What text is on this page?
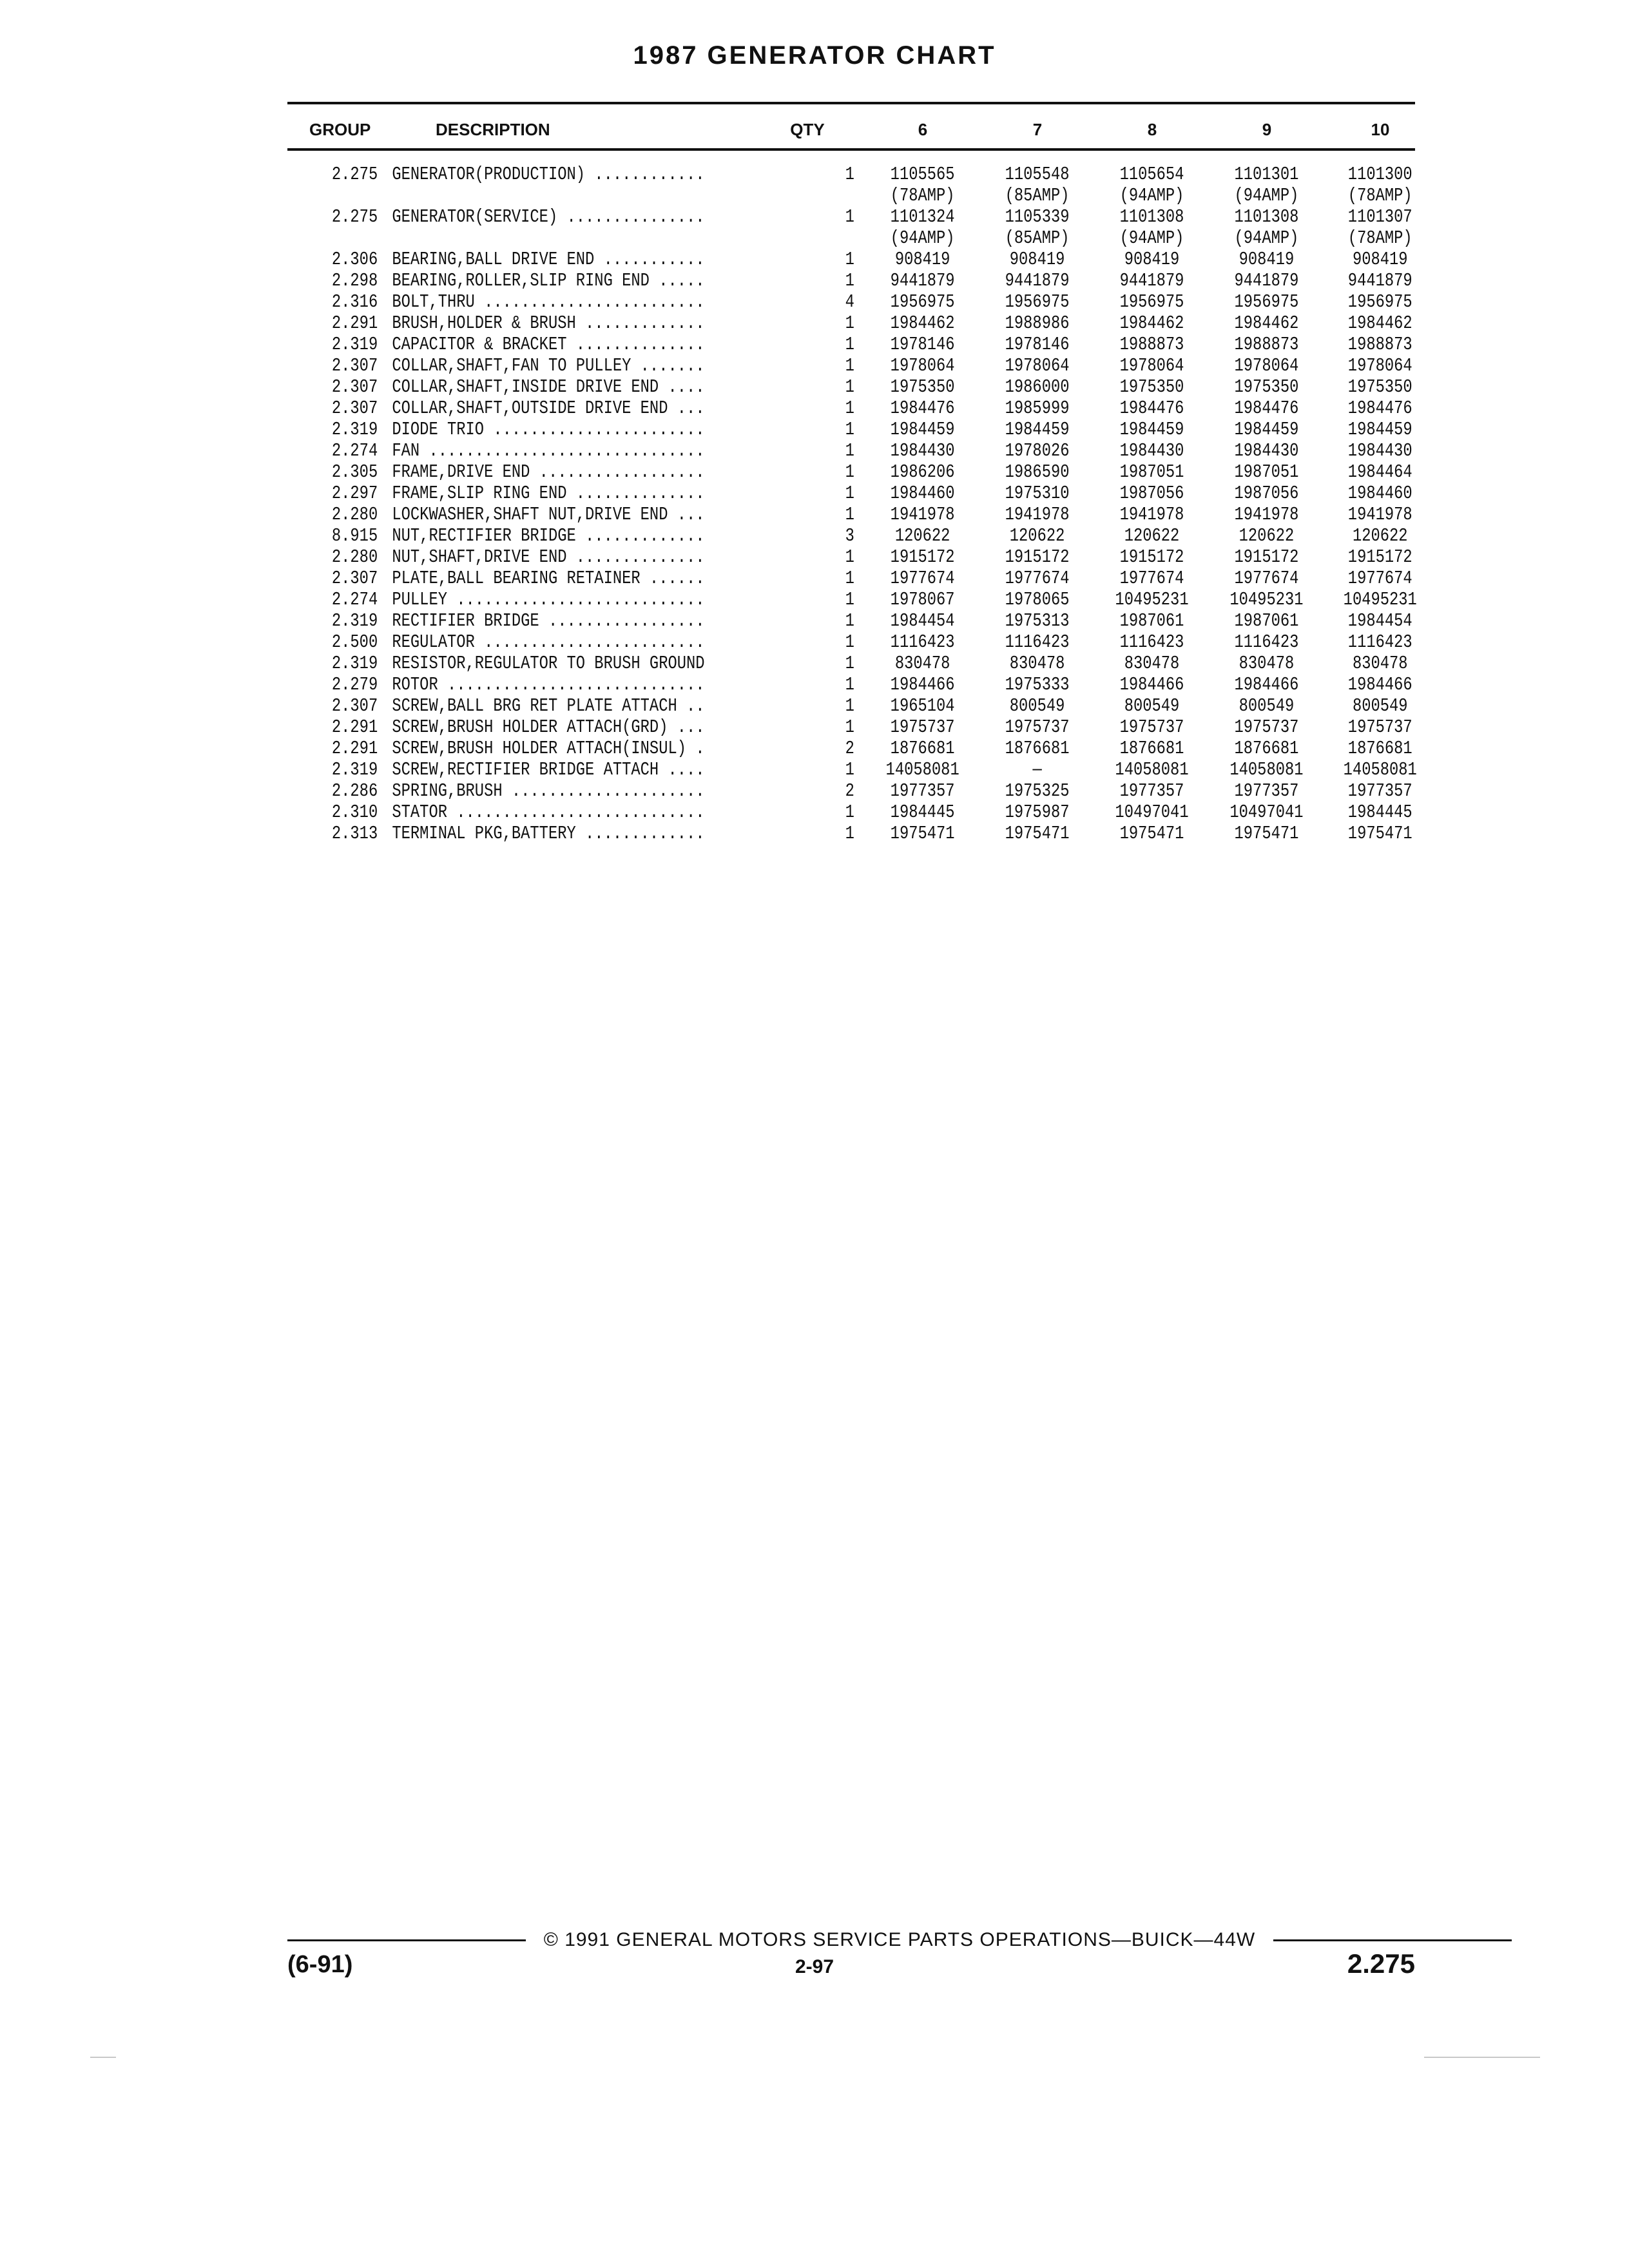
1987 GENERATOR CHART
GROUP	DESCRIPTION	QTY	6	7	8	9	10
2.275 GENERATOR(PRODUCTION) ............	1	1105565	1105548	1105654	1101301	1101300
(78AMP)	(85AMP)	(94AMP)	(94AMP)	(78AMP)
2.275 GENERATOR(SERVICE) ...............	1	1101324	1105339	1101308	1101308	1101307
(94AMP)	(85AMP)	(94AMP)	(94AMP)	(78AMP)
2.306 BEARING,BALL DRIVE END ...........	1	908419	908419	908419	908419	908419
2.298 BEARING,ROLLER,SLIP RING END .....	1	9441879	9441879	9441879	9441879	9441879
2.316 BOLT,THRU ........................	4	1956975	1956975	1956975	1956975	1956975
2.291 BRUSH,HOLDER & BRUSH .............	1	1984462	1988986	1984462	1984462	1984462
2.319 CAPACITOR & BRACKET ..............	1	1978146	1978146	1988873	1988873	1988873
2.307 COLLAR,SHAFT,FAN TO PULLEY .......	1	1978064	1978064	1978064	1978064	1978064
2.307 COLLAR,SHAFT,INSIDE DRIVE END ....	1	1975350	1986000	1975350	1975350	1975350
2.307 COLLAR,SHAFT,OUTSIDE DRIVE END ...	1	1984476	1985999	1984476	1984476	1984476
2.319 DIODE TRIO .......................	1	1984459	1984459	1984459	1984459	1984459
2.274 FAN ..............................	1	1984430	1978026	1984430	1984430	1984430
2.305 FRAME,DRIVE END ..................	1	1986206	1986590	1987051	1987051	1984464
2.297 FRAME,SLIP RING END ..............	1	1984460	1975310	1987056	1987056	1984460
2.280 LOCKWASHER,SHAFT NUT,DRIVE END ...	1	1941978	1941978	1941978	1941978	1941978
8.915 NUT,RECTIFIER BRIDGE .............	3	120622	120622	120622	120622	120622
2.280 NUT,SHAFT,DRIVE END ..............	1	1915172	1915172	1915172	1915172	1915172
2.307 PLATE,BALL BEARING RETAINER ......	1	1977674	1977674	1977674	1977674	1977674
2.274 PULLEY ...........................	1	1978067	1978065	10495231	10495231	10495231
2.319 RECTIFIER BRIDGE .................	1	1984454	1975313	1987061	1987061	1984454
2.500 REGULATOR ........................	1	1116423	1116423	1116423	1116423	1116423
2.319 RESISTOR,REGULATOR TO BRUSH GROUND	1	830478	830478	830478	830478	830478
2.279 ROTOR ............................	1	1984466	1975333	1984466	1984466	1984466
2.307 SCREW,BALL BRG RET PLATE ATTACH ..	1	1965104	800549	800549	800549	800549
2.291 SCREW,BRUSH HOLDER ATTACH(GRD) ...	1	1975737	1975737	1975737	1975737	1975737
2.291 SCREW,BRUSH HOLDER ATTACH(INSUL) .	2	1876681	1876681	1876681	1876681	1876681
2.319 SCREW,RECTIFIER BRIDGE ATTACH ....	1	14058081	—	14058081	14058081	14058081
2.286 SPRING,BRUSH .....................	2	1977357	1975325	1977357	1977357	1977357
2.310 STATOR ...........................	1	1984445	1975987	10497041	10497041	1984445
2.313 TERMINAL PKG,BATTERY .............	1	1975471	1975471	1975471	1975471	1975471
© 1991 GENERAL MOTORS SERVICE PARTS OPERATIONS—BUICK—44W
(6-91)	2-97	2.275
